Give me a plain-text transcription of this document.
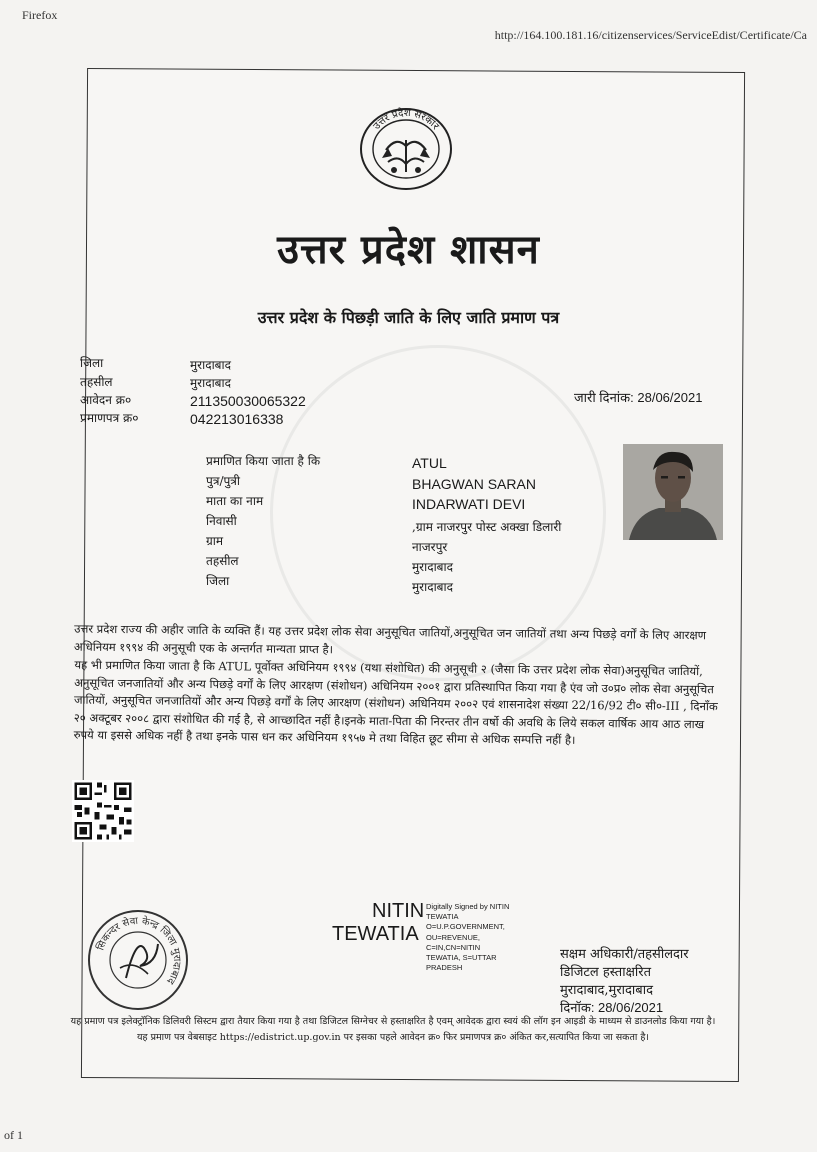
Firefox
http://164.100.181.16/citizenservices/ServiceEdist/Certificate/Ca
of 1
उत्तर प्रदेश सरकार
उत्तर प्रदेश शासन
उत्तर प्रदेश के पिछड़ी जाति के लिए जाति प्रमाण पत्र
जिला	मुरादाबाद
तहसील	मुरादाबाद
आवेदन क्र०	211350030065322
प्रमाणपत्र क्र०	042213016338
जारी दिनांक: 28/06/2021
प्रमाणित किया जाता है कि	ATUL
पुत्र/पुत्री	BHAGWAN SARAN
माता का नाम	INDARWATI DEVI
निवासी	,ग्राम नाजरपुर पोस्ट अक्खा डिलारी
ग्राम	नाजरपुर
तहसील	मुरादाबाद
जिला	मुरादाबाद
उत्तर प्रदेश राज्य की अहीर जाति के व्यक्ति हैं। यह उत्तर प्रदेश लोक सेवा अनुसूचित जातियों,अनुसूचित जन जातियों तथा अन्य पिछड़े वर्गों के लिए आरक्षण अधिनियम १९९४ की अनुसूची एक के अन्तर्गत मान्यता प्राप्त है।
यह भी प्रमाणित किया जाता है कि ATUL पूर्वोक्त अधिनियम १९९४ (यथा संशोधित) की अनुसूची २ (जैसा कि उत्तर प्रदेश लोक सेवा)अनुसूचित जातियों, अनुसूचित जनजातियों और अन्य पिछड़े वर्गों के लिए आरक्षण (संशोधन) अधिनियम २००१ द्वारा प्रतिस्थापित किया गया है एंव जो उ०प्र० लोक सेवा अनुसूचित जातियों, अनुसूचित जनजातियों और अन्य पिछड़े वर्गों के लिए आरक्षण (संशोधन) अधिनियम २००२ एवं शासनादेश संख्या 22/16/92 टी० सी०-III , दिनाँक २० अक्टूबर २००८ द्वारा संशोधित की गई है, से आच्छादित नहीं है।इनके माता-पिता की निरन्तर तीन वर्षो की अवधि के लिये सकल वार्षिक आय आठ लाख रुपये या इससे अधिक नहीं है तथा इनके पास धन कर अधिनियम १९५७ मे तथा विहित छूट सीमा से अधिक सम्पत्ति नहीं है।
NITIN
TEWATIA
Digitally Signed by NITIN
TEWATIA
O=U.P.GOVERNMENT,
OU=REVENUE,
C=IN,CN=NITIN
TEWATIA, S=UTTAR
PRADESH
सिकन्दर सेवा केन्द्र जिला मुरादाबाद
सक्षम अधिकारी/तहसीलदार
डिजिटल हस्ताक्षरित
मुरादाबाद,मुरादाबाद
दिनॉक: 28/06/2021
यह प्रमाण पत्र इलेक्ट्रॉनिक डिलिवरी सिस्टम द्वारा तैयार किया गया है तथा डिजिटल सिग्नेचर से हस्ताक्षरित है एवम् आवेदक द्वारा स्वयं की लॉग इन आइडी के माध्यम से डाउनलोड किया गया है। यह प्रमाण पत्र वेबसाइट https://edistrict.up.gov.in पर इसका पहले आवेदन क्र० फिर प्रमाणपत्र क्र० अंकित कर,सत्यापित किया जा सकता है।
